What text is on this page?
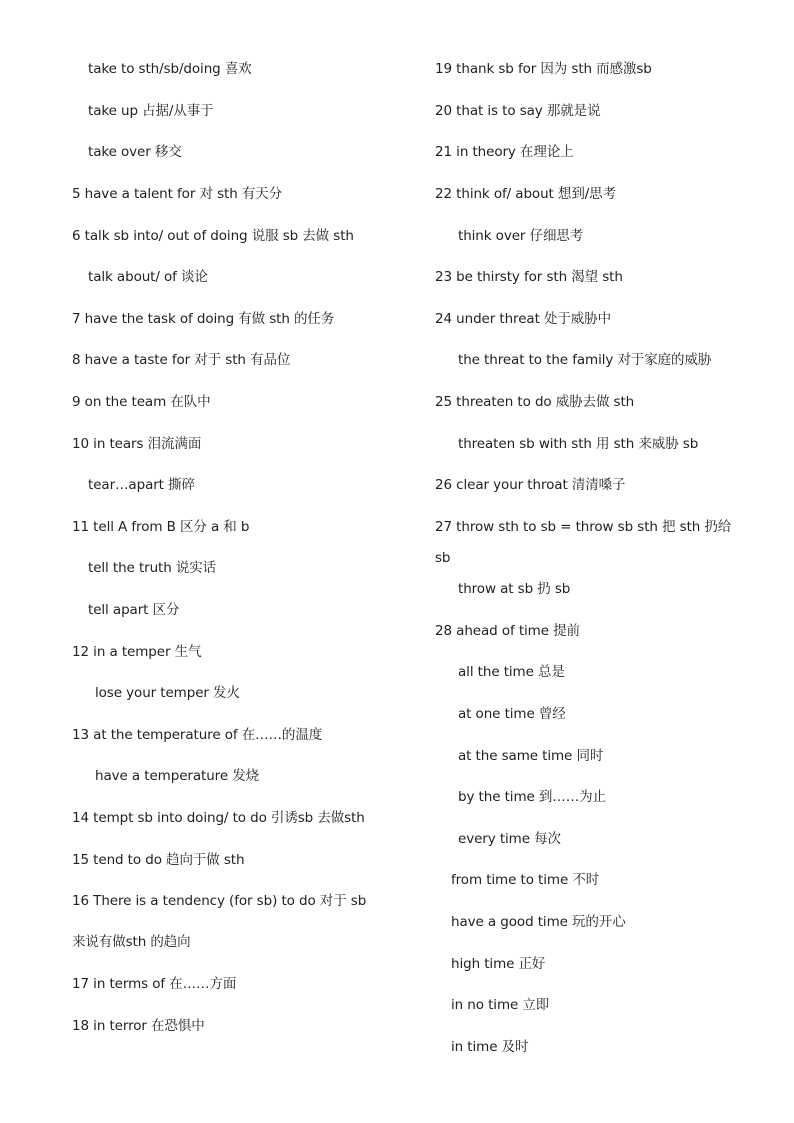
take to sth/sb/doing 喜欢
take up 占据/从事于
take over 移交
5 have a talent for 对 sth 有天分
6 talk sb into/ out of doing 说服 sb 去做 sth
talk about/ of 谈论
7 have the task of doing 有做 sth 的任务
8 have a taste for 对于 sth 有品位
9 on the team 在队中
10 in tears 泪流满面
tear…apart 撕碎
11 tell A from B 区分 a 和 b
tell the truth 说实话
tell apart 区分
12 in a temper 生气
lose your temper 发火
13 at the temperature of 在……的温度
have a temperature 发烧
14 tempt sb into doing/ to do 引诱sb 去做sth
15 tend to do 趋向于做 sth
16 There is a tendency (for sb) to do 对于 sb
来说有做sth 的趋向
17 in terms of 在……方面
18 in terror 在恐惧中
19 thank sb for 因为 sth 而感激sb
20 that is to say 那就是说
21 in theory 在理论上
22 think of/ about 想到/思考
think over 仔细思考
23 be thirsty for sth 渴望 sth
24 under threat 处于威胁中
the threat to the family 对于家庭的威胁
25 threaten to do 威胁去做 sth
threaten sb with sth 用 sth 来威胁 sb
26 clear your throat 清清嗓子
27 throw sth to sb = throw sb sth 把 sth 扔给
sb
throw at sb 扔 sb
28 ahead of time 提前
all the time 总是
at one time 曾经
at the same time 同时
by the time 到……为止
every time 每次
from time to time 不时
have a good time 玩的开心
high time 正好
in no time 立即
in time 及时
